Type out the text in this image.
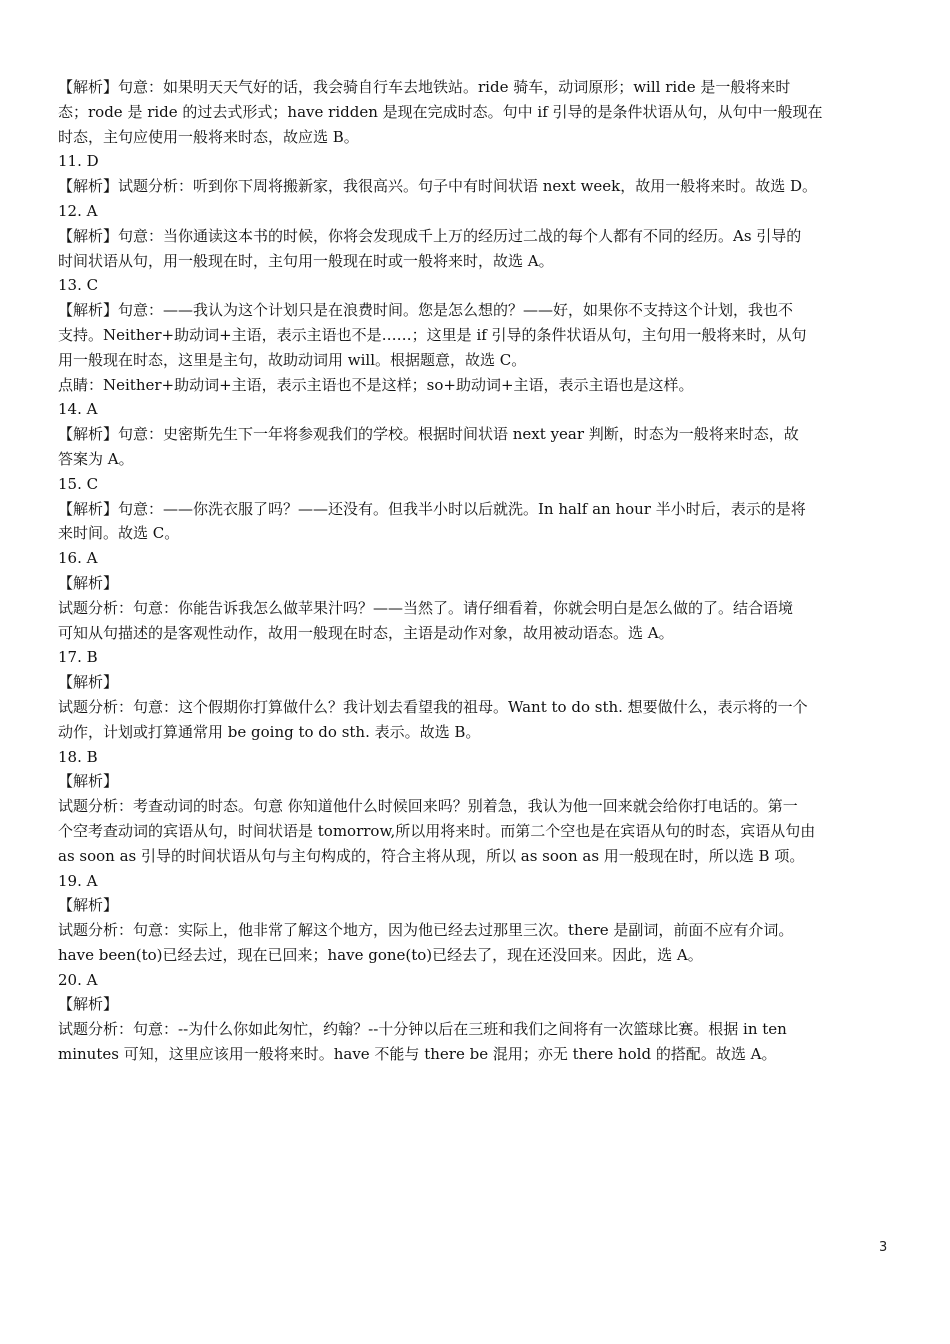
【解析】句意：如果明天天气好的话，我会骑自行车去地铁站。ride 骑车，动词原形；will ride 是一般将来时
态；rode 是 ride 的过去式形式；have ridden 是现在完成时态。句中 if 引导的是条件状语从句，从句中一般现在
时态，主句应使用一般将来时态，故应选 B。
11. D
【解析】试题分析：听到你下周将搬新家，我很高兴。句子中有时间状语 next week，故用一般将来时。故选 D。
12. A
【解析】句意：当你通读这本书的时候，你将会发现成千上万的经历过二战的每个人都有不同的经历。As 引导的
时间状语从句，用一般现在时，主句用一般现在时或一般将来时，故选 A。
13. C
【解析】句意：——我认为这个计划只是在浪费时间。您是怎么想的？——好，如果你不支持这个计划，我也不
支持。Neither+助动词+主语，表示主语也不是……；这里是 if 引导的条件状语从句，主句用一般将来时，从句
用一般现在时态，这里是主句，故助动词用 will。根据题意，故选 C。
点睛：Neither+助动词+主语，表示主语也不是这样；so+助动词+主语，表示主语也是这样。
14. A
【解析】句意：史密斯先生下一年将参观我们的学校。根据时间状语 next year 判断，时态为一般将来时态，故
答案为 A。
15. C
【解析】句意：——你洗衣服了吗？——还没有。但我半小时以后就洗。In half an hour 半小时后，表示的是将
来时间。故选 C。
16. A
【解析】
试题分析：句意：你能告诉我怎么做苹果汁吗？——当然了。请仔细看着，你就会明白是怎么做的了。结合语境
可知从句描述的是客观性动作，故用一般现在时态，主语是动作对象，故用被动语态。选 A。
17. B
【解析】
试题分析：句意：这个假期你打算做什么？我计划去看望我的祖母。Want to do sth. 想要做什么，表示将的一个
动作，计划或打算通常用 be going to do sth. 表示。故选 B。
18. B
【解析】
试题分析：考查动词的时态。句意 你知道他什么时候回来吗？别着急，我认为他一回来就会给你打电话的。第一
个空考查动词的宾语从句，时间状语是 tomorrow,所以用将来时。而第二个空也是在宾语从句的时态，宾语从句由
as soon as 引导的时间状语从句与主句构成的，符合主将从现，所以 as soon as 用一般现在时，所以选 B 项。
19. A
【解析】
试题分析：句意：实际上，他非常了解这个地方，因为他已经去过那里三次。there 是副词，前面不应有介词。
have been(to)已经去过，现在已回来；have gone(to)已经去了，现在还没回来。因此，选 A。
20. A
【解析】
试题分析：句意：--为什么你如此匆忙，约翰？--十分钟以后在三班和我们之间将有一次篮球比赛。根据 in ten
minutes 可知，这里应该用一般将来时。have 不能与 there be 混用；亦无 there hold 的搭配。故选 A。
3
